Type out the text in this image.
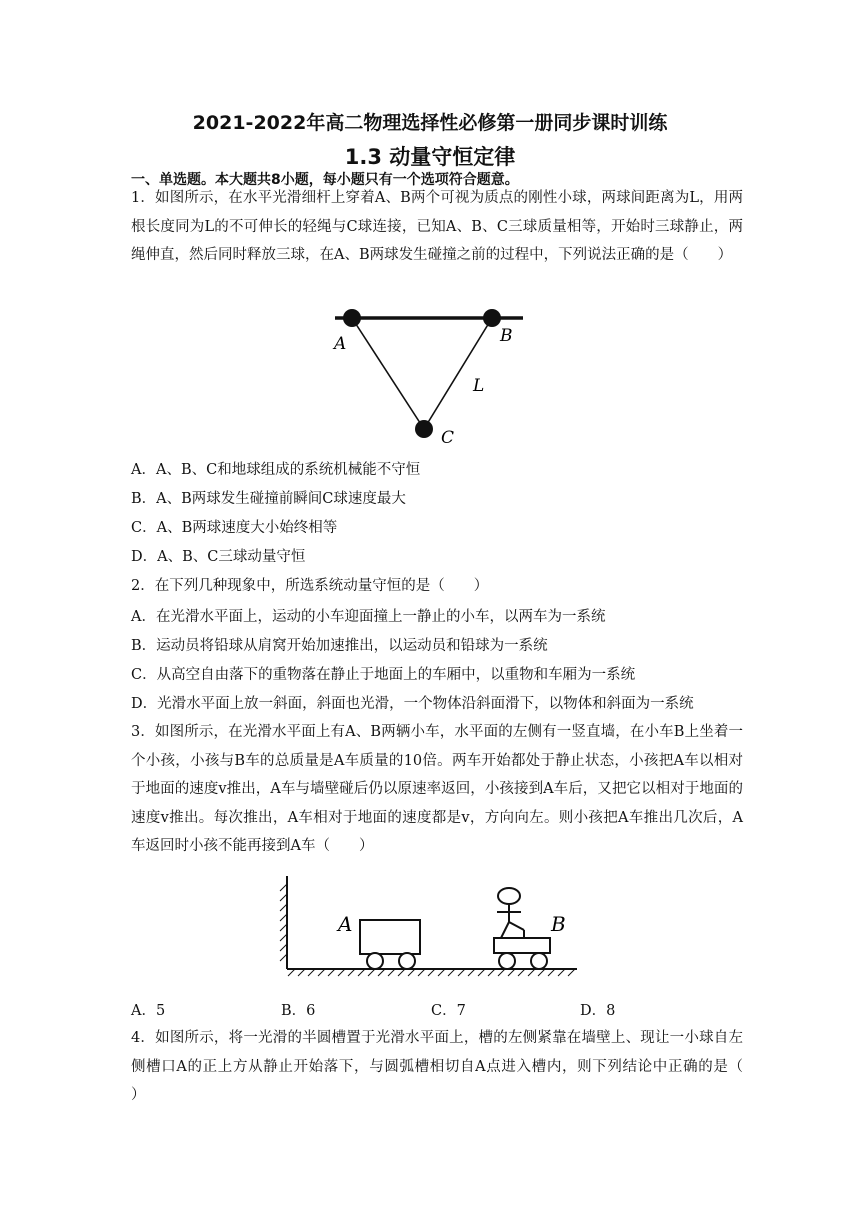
2021-2022年高二物理选择性必修第一册同步课时训练
1.3 动量守恒定律
一、单选题。本大题共8小题，每小题只有一个选项符合题意。
1．如图所示，在水平光滑细杆上穿着A、B两个可视为质点的刚性小球，两球间距离为L，用两根长度同为L的不可伸长的轻绳与C球连接，已知A、B、C三球质量相等，开始时三球静止，两绳伸直，然后同时释放三球，在A、B两球发生碰撞之前的过程中，下列说法正确的是（　　）
A	B
C
L
A．A、B、C和地球组成的系统机械能不守恒
B．A、B两球发生碰撞前瞬间C球速度最大
C．A、B两球速度大小始终相等
D．A、B、C三球动量守恒
2．在下列几种现象中，所选系统动量守恒的是（　　）
A．在光滑水平面上，运动的小车迎面撞上一静止的小车，以两车为一系统
B．运动员将铅球从肩窝开始加速推出，以运动员和铅球为一系统
C．从高空自由落下的重物落在静止于地面上的车厢中，以重物和车厢为一系统
D．光滑水平面上放一斜面，斜面也光滑，一个物体沿斜面滑下，以物体和斜面为一系统
3．如图所示，在光滑水平面上有A、B两辆小车，水平面的左侧有一竖直墙，在小车B上坐着一个小孩，小孩与B车的总质量是A车质量的10倍。两车开始都处于静止状态，小孩把A车以相对于地面的速度v推出，A车与墙壁碰后仍以原速率返回，小孩接到A车后，又把它以相对于地面的速度v推出。每次推出，A车相对于地面的速度都是v，方向向左。则小孩把A车推出几次后，A车返回时小孩不能再接到A车（　　）
A	B
A．5	B．6	C．7	D．8
4．如图所示，将一光滑的半圆槽置于光滑水平面上，槽的左侧紧靠在墙壁上、现让一小球自左侧槽口A的正上方从静止开始落下，与圆弧槽相切自A点进入槽内，则下列结论中正确的是（　　）
